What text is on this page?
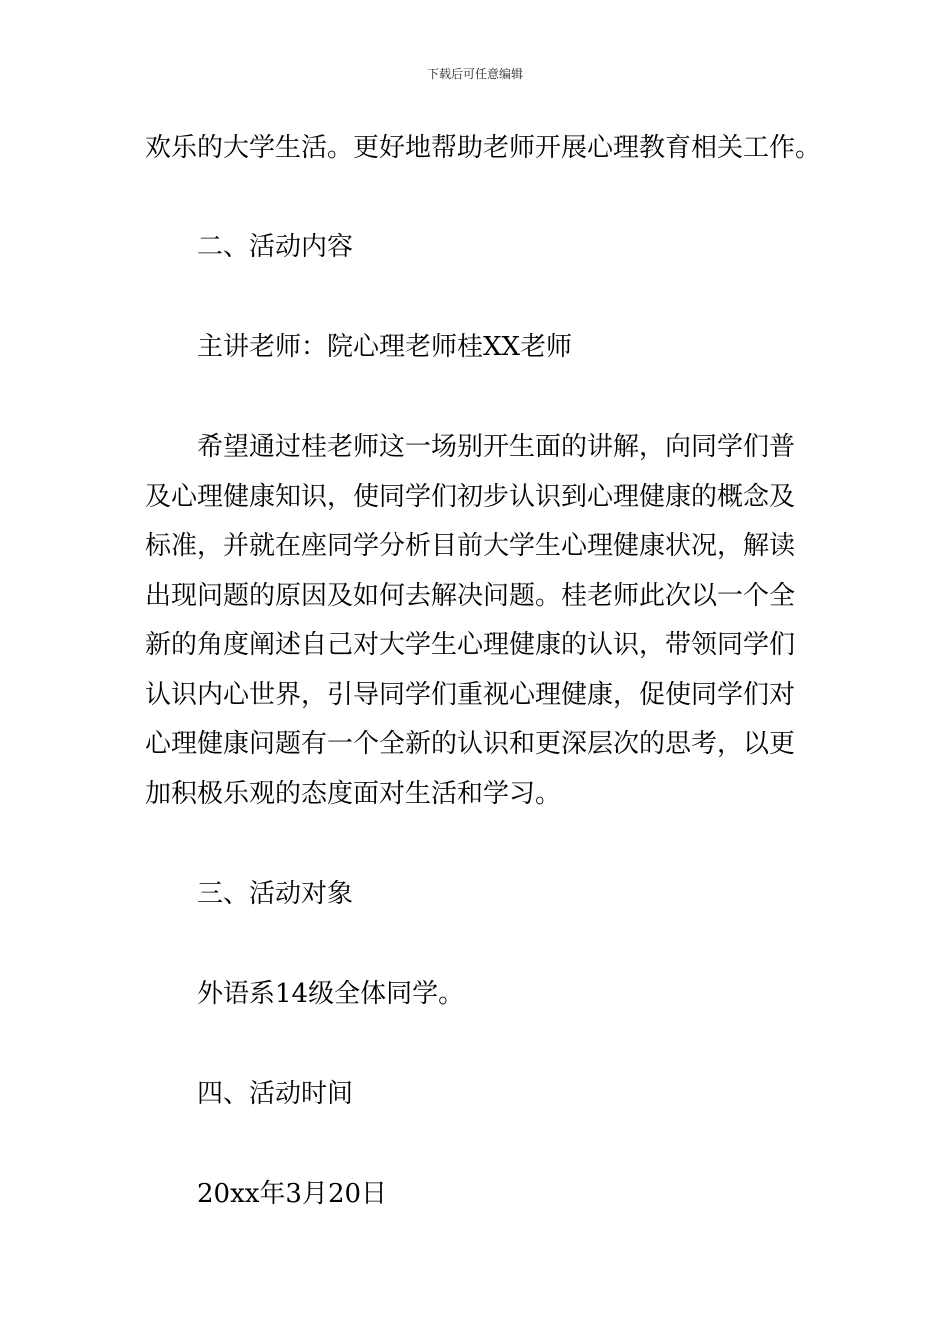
下载后可任意编辑

欢乐的大学生活。更好地帮助老师开展心理教育相关工作。

二、活动内容

主讲老师：院心理老师桂XX老师

希望通过桂老师这一场别开生面的讲解，向同学们普
及心理健康知识，使同学们初步认识到心理健康的概念及
标准，并就在座同学分析目前大学生心理健康状况，解读
出现问题的原因及如何去解决问题。桂老师此次以一个全
新的角度阐述自己对大学生心理健康的认识，带领同学们
认识内心世界，引导同学们重视心理健康，促使同学们对
心理健康问题有一个全新的认识和更深层次的思考，以更
加积极乐观的态度面对生活和学习。

三、活动对象

外语系14级全体同学。

四、活动时间

20xx年3月20日
